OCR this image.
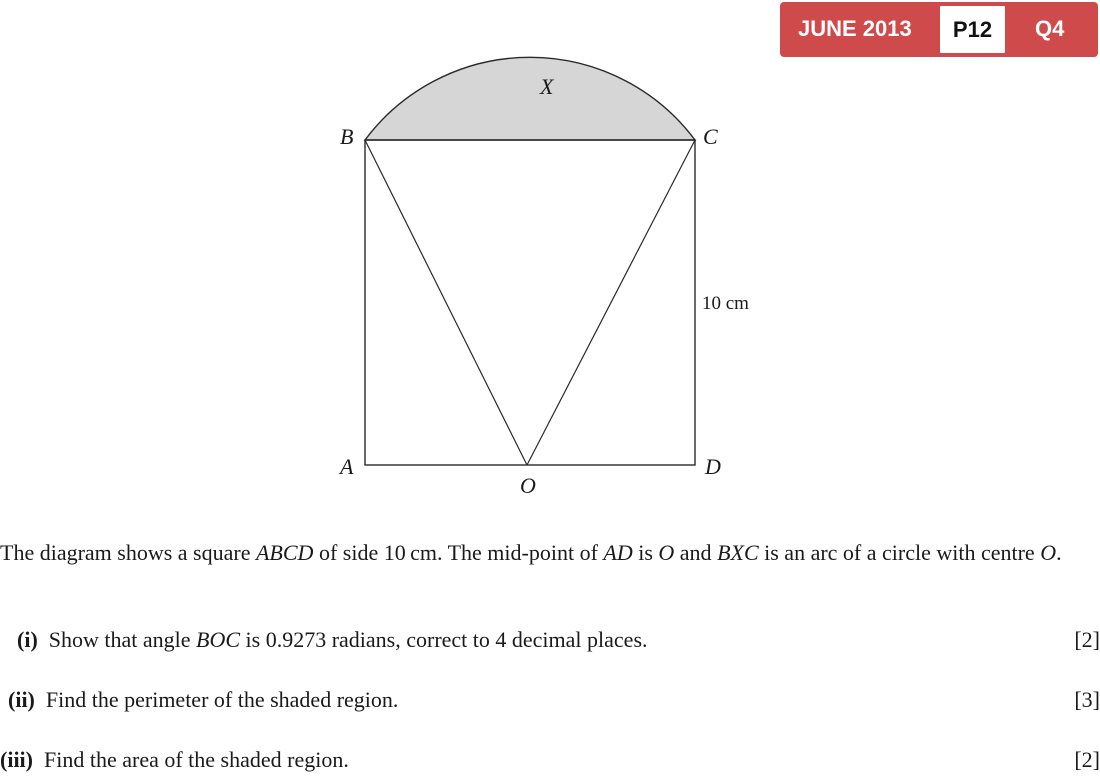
JUNE 2013	P12	Q4
X
B	C
10 cm
A	D
O

The diagram shows a square ABCD of side 10 cm. The mid-point of AD is O and BXC is an arc of a circle with centre O.

(i) Show that angle BOC is 0.9273 radians, correct to 4 decimal places.	[2]
(ii) Find the perimeter of the shaded region.	[3]
(iii) Find the area of the shaded region.	[2]
